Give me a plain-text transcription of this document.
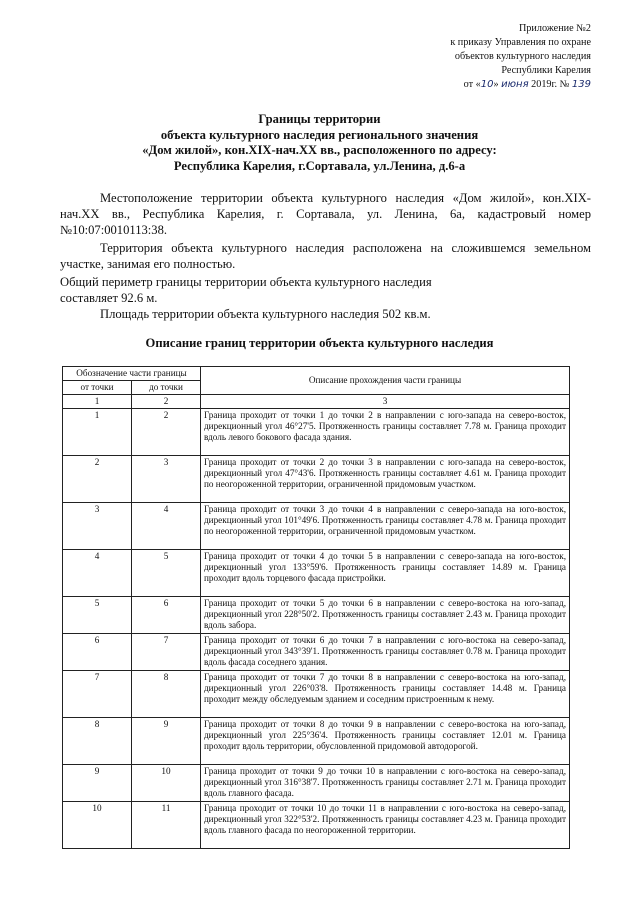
Приложение №2
к приказу Управления по охране
объектов культурного наследия
Республики Карелия
от «10» июня 2019г. № 139
Границы территории
объекта культурного наследия регионального значения
«Дом жилой», кон.XIX-нач.XX вв., расположенного по адресу:
Республика Карелия, г.Сортавала, ул.Ленина, д.6-а
Местоположение территории объекта культурного наследия «Дом жилой», кон.XIX-нач.XX вв., Республика Карелия, г. Сортавала, ул. Ленина, 6а, кадастровый номер №10:07:0010113:38.
Территория объекта культурного наследия расположена на сложившемся земельном участке, занимая его полностью.
Общий периметр границы территории объекта культурного наследия
составляет 92.6 м.
Площадь территории объекта культурного наследия 502 кв.м.
Описание границ территории объекта культурного наследия
Обозначение части границы		Описание прохождения части границы
от точки	до точки	
1	2	3
1	2	Граница проходит от точки 1 до точки 2 в направлении с юго-запада на северо-восток, дирекционный угол 46°27'5. Протяженность границы составляет 7.78 м. Граница проходит вдоль левого бокового фасада здания.
2	3	Граница проходит от точки 2 до точки 3 в направлении с юго-запада на северо-восток, дирекционный угол 47°43'6. Протяженность границы составляет 4.61 м. Граница проходит по неогороженной территории, ограниченной придомовым участком.
3	4	Граница проходит от точки 3 до точки 4 в направлении с северо-запада на юго-восток, дирекционный угол 101°49'6. Протяженность границы составляет 4.78 м. Граница проходит по неогороженной территории, ограниченной придомовым участком.
4	5	Граница проходит от точки 4 до точки 5 в направлении с северо-запада на юго-восток, дирекционный угол 133°59'6. Протяженность границы составляет 14.89 м. Граница проходит вдоль торцевого фасада пристройки.
5	6	Граница проходит от точки 5 до точки 6 в направлении с северо-востока на юго-запад, дирекционный угол 228°50'2. Протяженность границы составляет 2.43 м. Граница проходит вдоль забора.
6	7	Граница проходит от точки 6 до точки 7 в направлении с юго-востока на северо-запад, дирекционный угол 343°39'1. Протяженность границы составляет 0.78 м. Граница проходит вдоль фасада соседнего здания.
7	8	Граница проходит от точки 7 до точки 8 в направлении с северо-востока на юго-запад, дирекционный угол 226°03'8. Протяженность границы составляет 14.48 м. Граница проходит между обследуемым зданием и соседним пристроенным к нему.
8	9	Граница проходит от точки 8 до точки 9 в направлении с северо-востока на юго-запад, дирекционный угол 225°36'4. Протяженность границы составляет 12.01 м. Граница проходит вдоль территории, обусловленной придомовой автодорогой.
9	10	Граница проходит от точки 9 до точки 10 в направлении с юго-востока на северо-запад, дирекционный угол 316°38'7. Протяженность границы составляет 2.71 м. Граница проходит вдоль главного фасада.
10	11	Граница проходит от точки 10 до точки 11 в направлении с юго-востока на северо-запад, дирекционный угол 322°53'2. Протяженность границы составляет 4.23 м. Граница проходит вдоль главного фасада по неогороженной территории.
